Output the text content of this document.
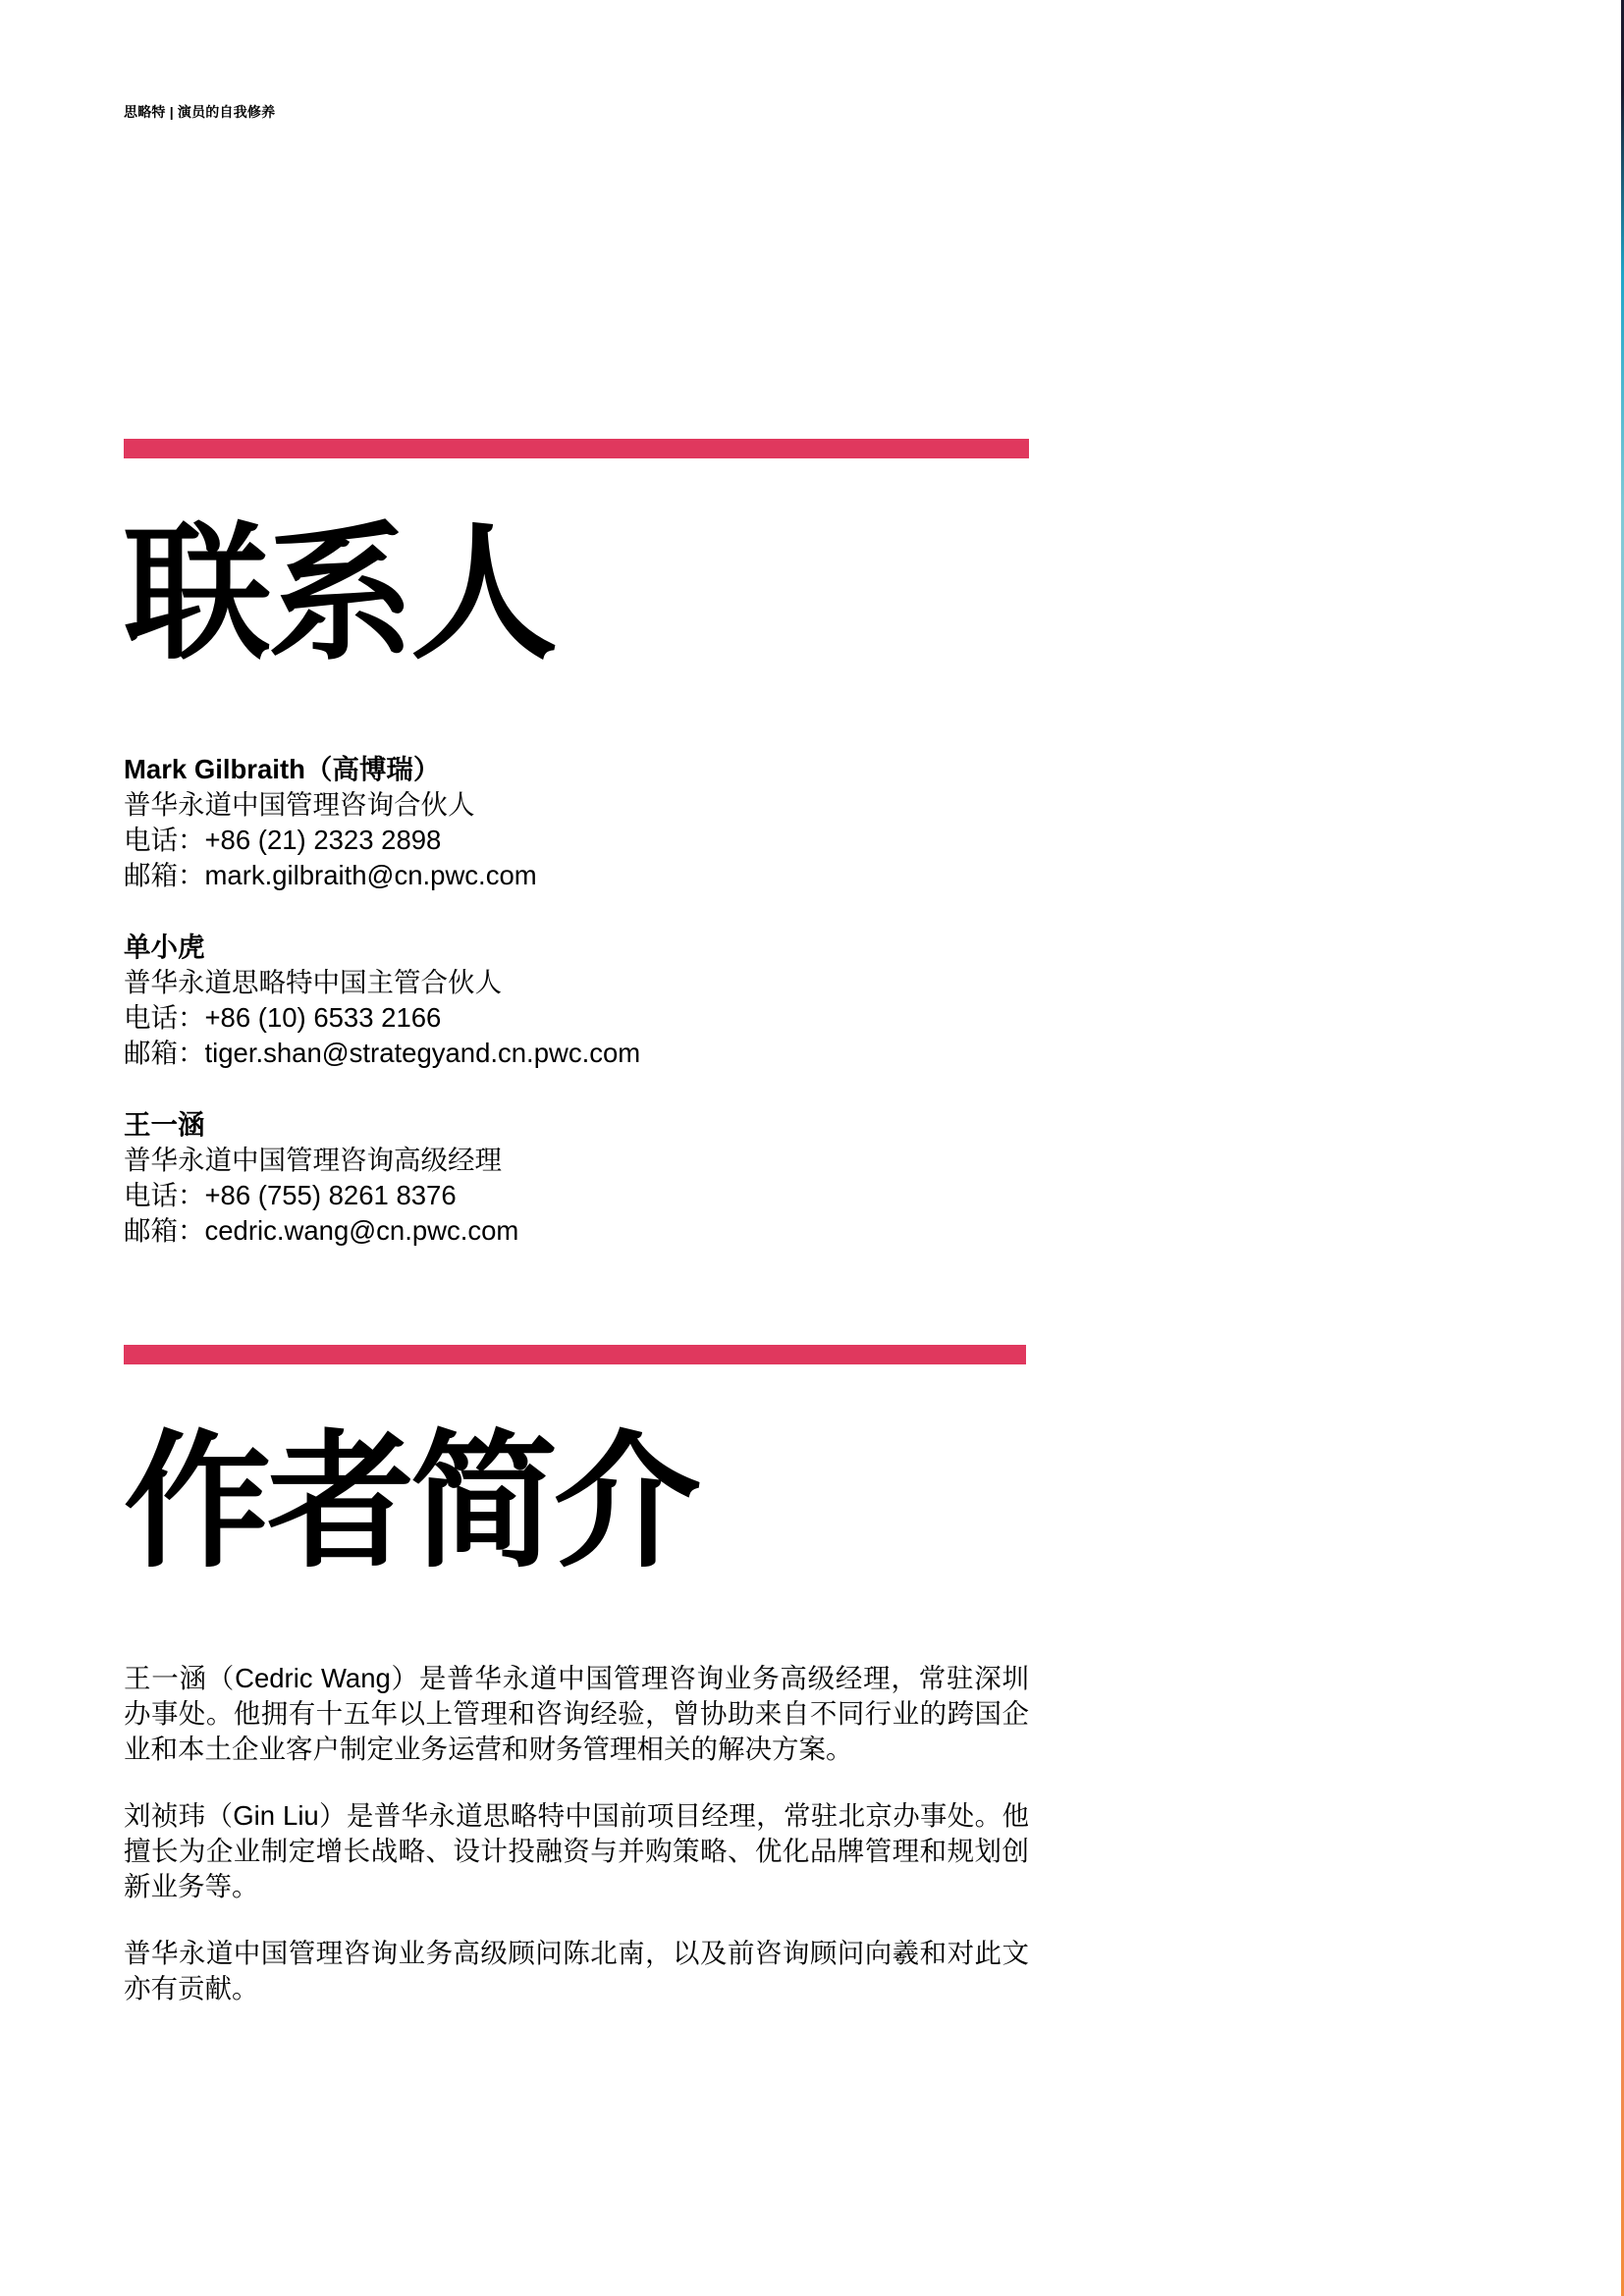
思略特 | 演员的自我修养
联系人
Mark Gilbraith（高博瑞）
普华永道中国管理咨询合伙人
电话：+86 (21) 2323 2898
邮箱：mark.gilbraith@cn.pwc.com
单小虎
普华永道思略特中国主管合伙人
电话：+86 (10) 6533 2166
邮箱：tiger.shan@strategyand.cn.pwc.com
王一涵
普华永道中国管理咨询高级经理
电话：+86 (755) 8261 8376
邮箱：cedric.wang@cn.pwc.com
作者简介

王一涵（Cedric Wang）是普华永道中国管理咨询业务高级经理，常驻深圳办事处。他拥有十五年以上管理和咨询经验，曾协助来自不同行业的跨国企业和本土企业客户制定业务运营和财务管理相关的解决方案。

刘祯玮（Gin Liu）是普华永道思略特中国前项目经理，常驻北京办事处。他擅长为企业制定增长战略、设计投融资与并购策略、优化品牌管理和规划创新业务等。

普华永道中国管理咨询业务高级顾问陈北南，以及前咨询顾问向羲和对此文亦有贡献。
